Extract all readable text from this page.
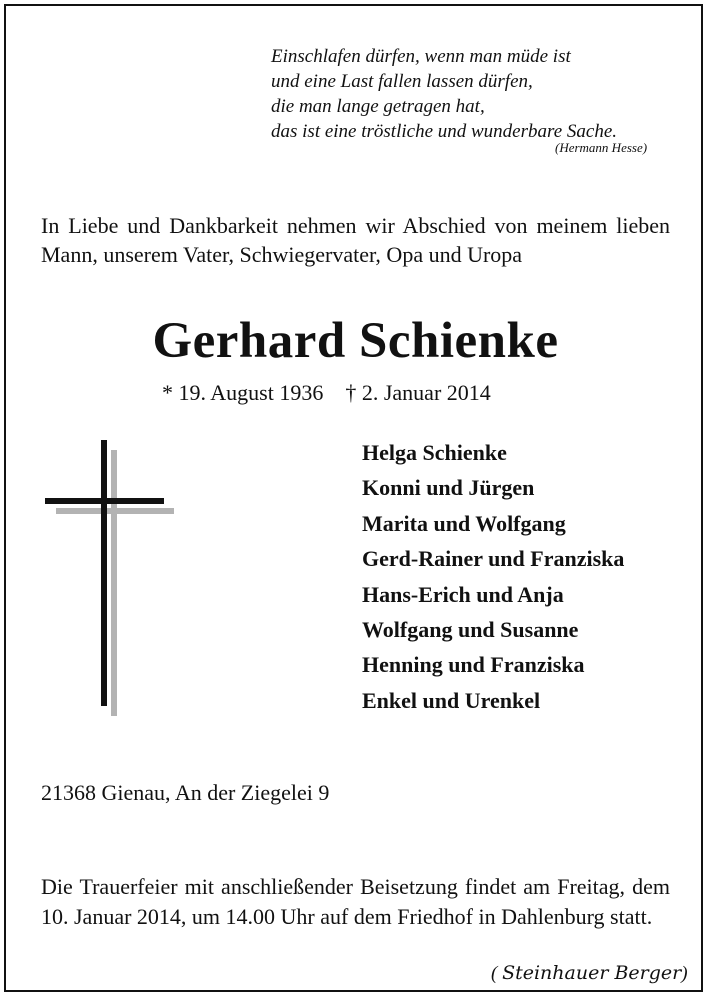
Einschlafen dürfen, wenn man müde ist
und eine Last fallen lassen dürfen,
die man lange getragen hat,
das ist eine tröstliche und wunderbare Sache.
(Hermann Hesse)
In Liebe und Dankbarkeit nehmen wir Abschied von meinem lieben Mann, unserem Vater, Schwiegervater, Opa und Uropa
Gerhard Schienke
* 19. August 1936 † 2. Januar 2014
Helga Schienke
Konni und Jürgen
Marita und Wolfgang
Gerd-Rainer und Franziska
Hans-Erich und Anja
Wolfgang und Susanne
Henning und Franziska
Enkel und Urenkel
21368 Gienau, An der Ziegelei 9
Die Trauerfeier mit anschließender Beisetzung findet am Freitag, dem 10. Januar 2014, um 14.00 Uhr auf dem Friedhof in Dahlenburg statt.
( Steinhauer Berger)
